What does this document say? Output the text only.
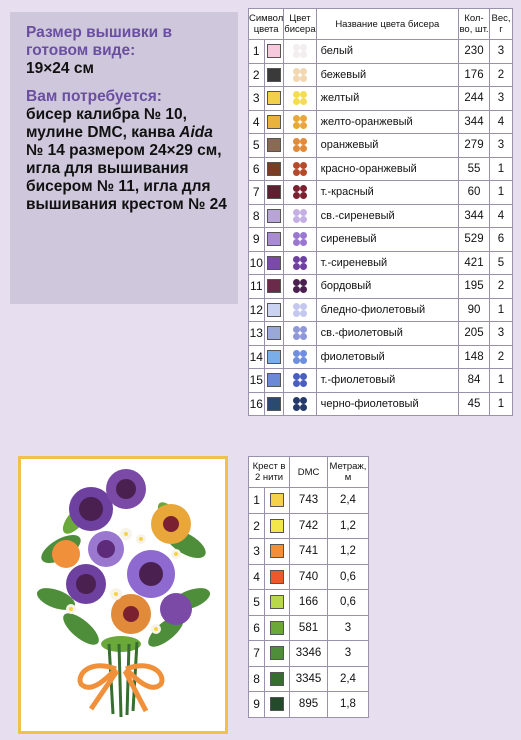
Размер вышивки в готовом виде:
19×24 см
Вам потребуется:
бисер калибра № 10, мулине DMC, канва Aida № 14 размером 24×29 см, игла для вышивания бисером № 11, игла для вышивания крестом № 24
Символ цвета		Цвет бисера	Название цвета бисера	Кол-во, шт.	Вес, г
1			белый	230	3
2			бежевый	176	2
3			желтый	244	3
4			желто-оранжевый	344	4
5			оранжевый	279	3
6			красно-оранжевый	55	1
7			т.-красный	60	1
8			св.-сиреневый	344	4
9			сиреневый	529	6
10			т.-сиреневый	421	5
11			бордовый	195	2
12			бледно-фиолетовый	90	1
13			св.-фиолетовый	205	3
14			фиолетовый	148	2
15			т.-фиолетовый	84	1
16			черно-фиолетовый	45	1
Крест в 2 нити		DMC	Метраж, м
1		743	2,4
2		742	1,2
3		741	1,2
4		740	0,6
5		166	0,6
6		581	3
7		3346	3
8		3345	2,4
9		895	1,8
